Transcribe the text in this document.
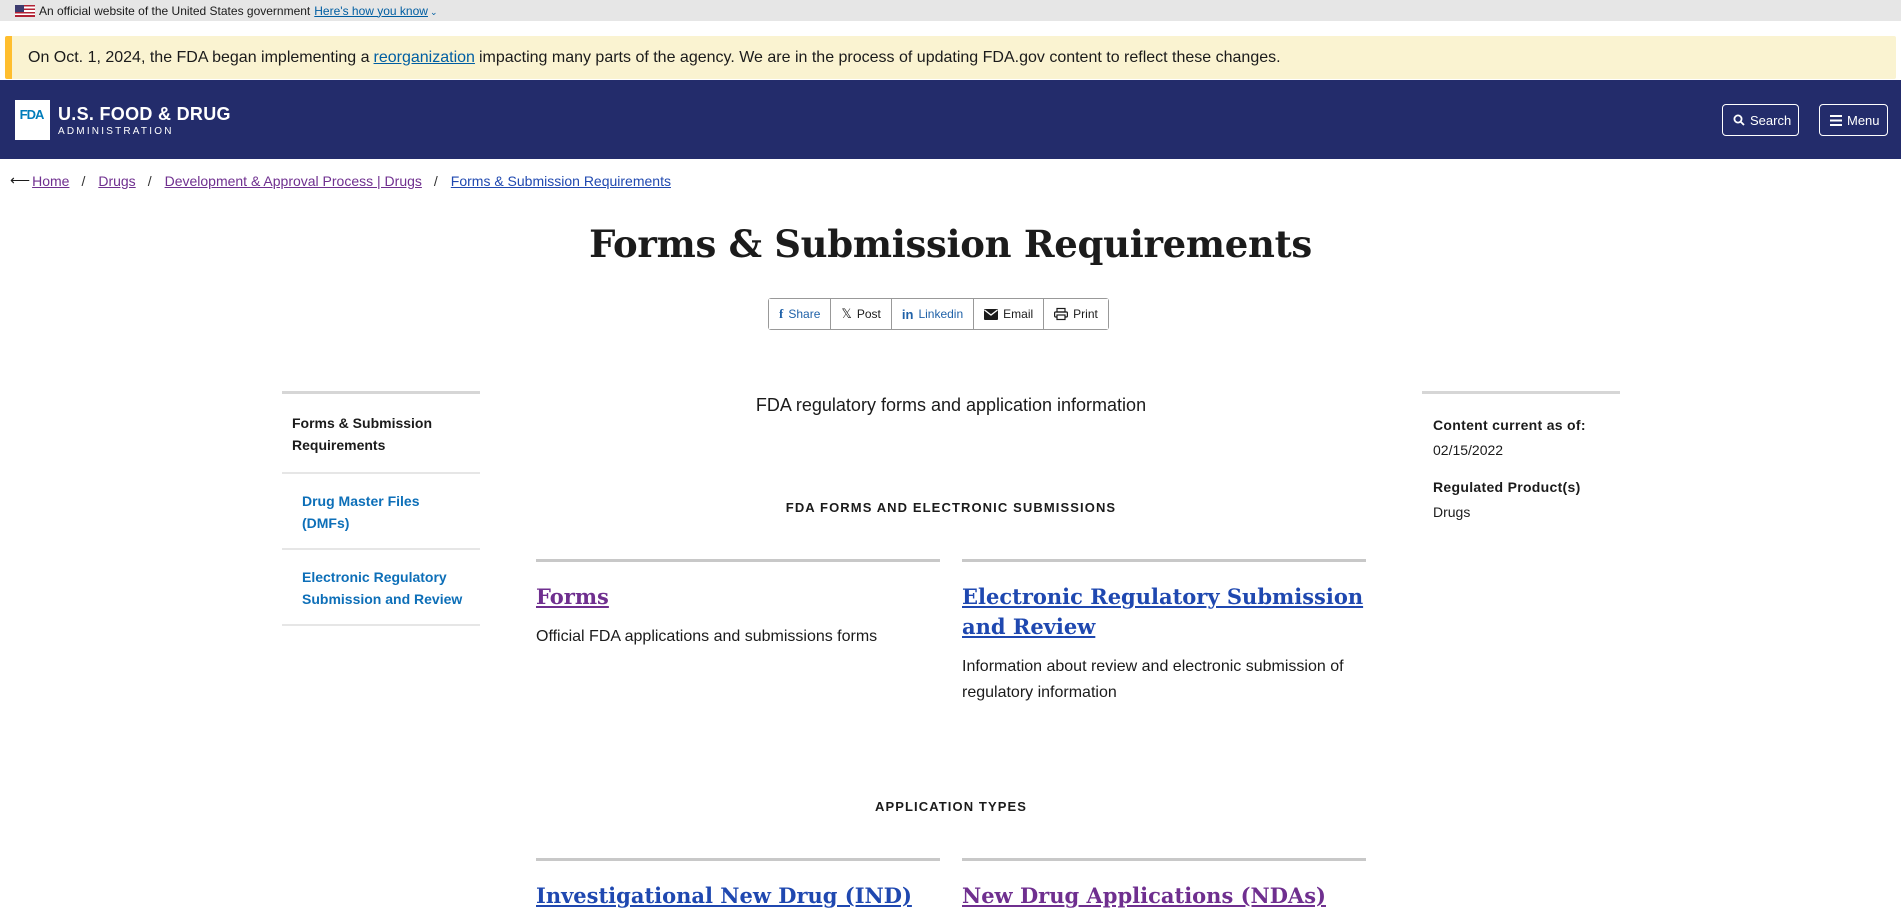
An official website of the United States government Here's how you know ⌄
On Oct. 1, 2024, the FDA began implementing a reorganization impacting many parts of the agency. We are in the process of updating FDA.gov content to reflect these changes.
FDA U.S. FOOD & DRUG
ADMINISTRATION
Search	Menu
⟵ Home / Drugs / Development & Approval Process | Drugs / Forms & Submission Requirements
Forms & Submission Requirements
f Share 𝕏 Post in Linkedin	Email	Print
Forms & Submission Requirements
Drug Master Files (DMFs)
Electronic Regulatory Submission and Review
FDA regulatory forms and application information
FDA FORMS AND ELECTRONIC SUBMISSIONS
Forms
Official FDA applications and submissions forms
Electronic Regulatory Submission and Review
Information about review and electronic submission of regulatory information
APPLICATION TYPES
Investigational New Drug (IND)	New Drug Applications (NDAs)
Content current as of:
02/15/2022
Regulated Product(s)
Drugs
